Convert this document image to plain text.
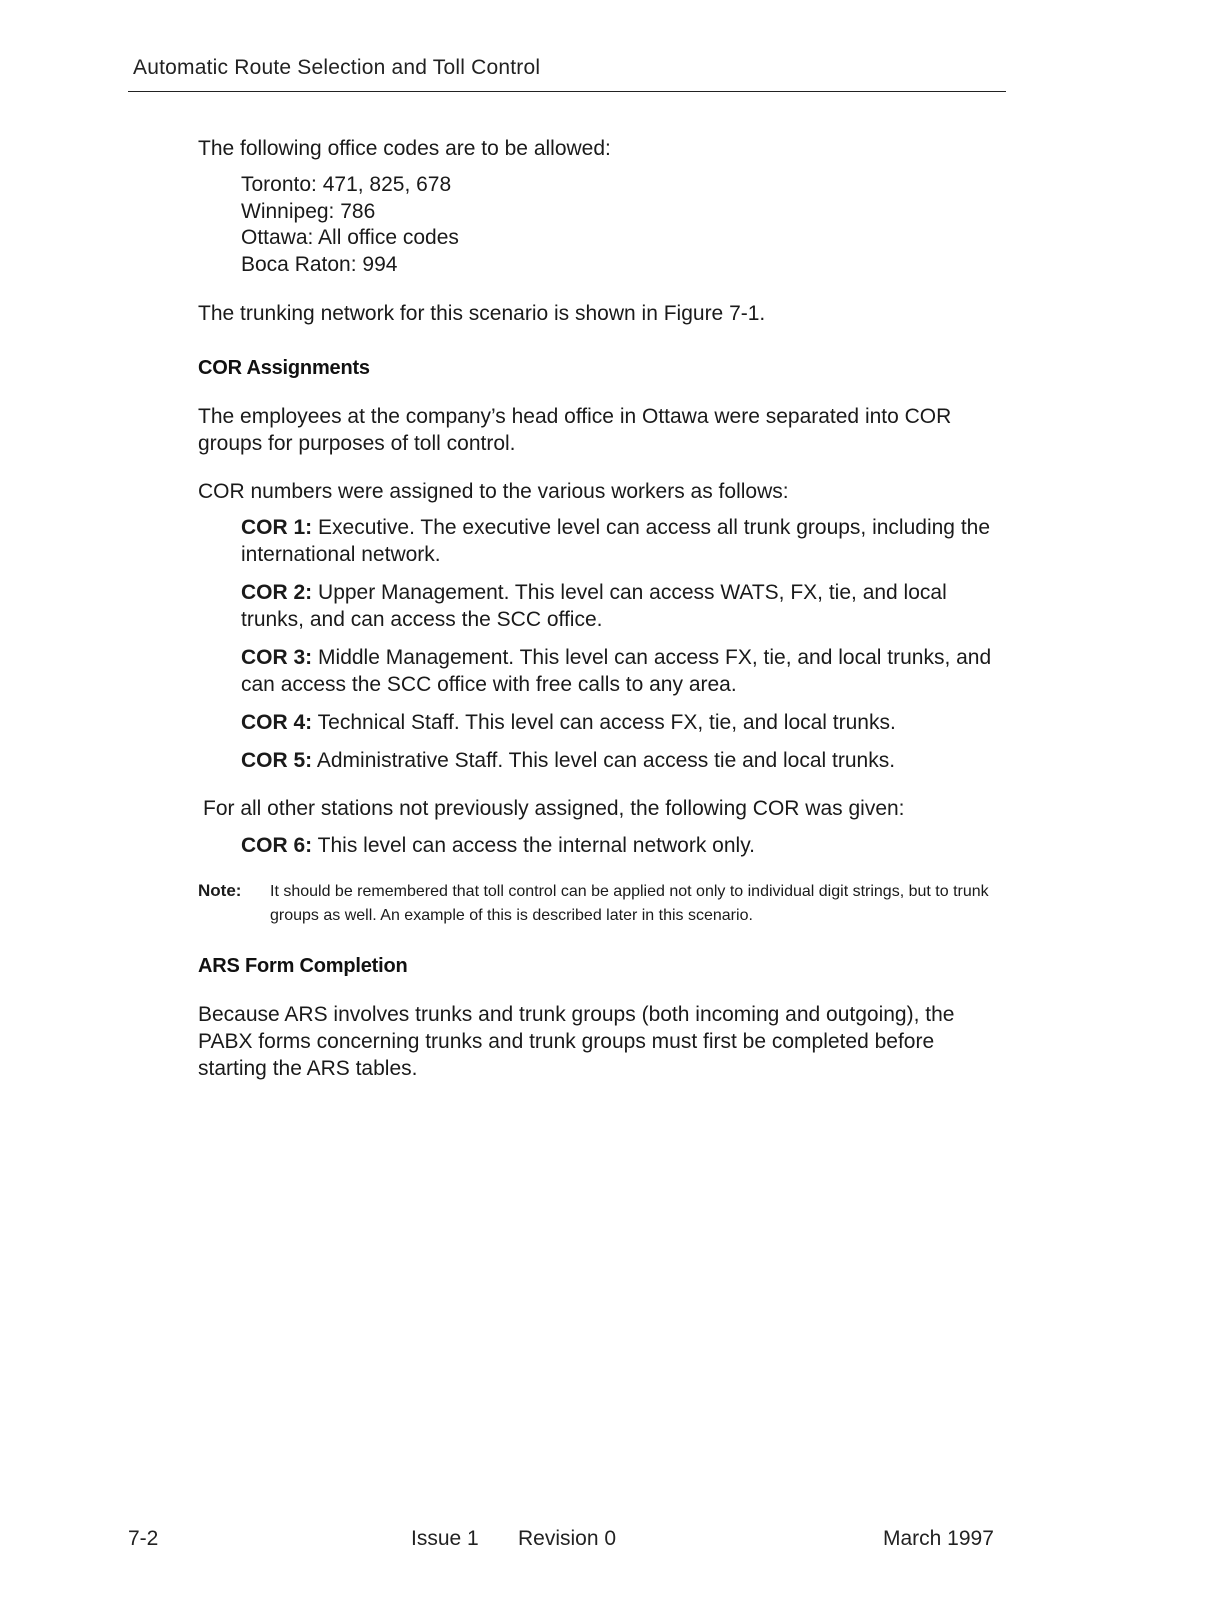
Automatic Route Selection and Toll Control
The following office codes are to be allowed:
Toronto: 471, 825, 678
Winnipeg: 786
Ottawa: All office codes
Boca Raton: 994
The trunking network for this scenario is shown in Figure 7-1.
COR Assignments
The employees at the company’s head office in Ottawa were separated into COR groups for purposes of toll control.
COR numbers were assigned to the various workers as follows:
COR 1: Executive. The executive level can access all trunk groups, including the international network.
COR 2: Upper Management. This level can access WATS, FX, tie, and local trunks, and can access the SCC office.
COR 3: Middle Management. This level can access FX, tie, and local trunks, and can access the SCC office with free calls to any area.
COR 4: Technical Staff. This level can access FX, tie, and local trunks.
COR 5: Administrative Staff. This level can access tie and local trunks.
For all other stations not previously assigned, the following COR was given:
COR 6: This level can access the internal network only.
Note: It should be remembered that toll control can be applied not only to individual digit strings, but to trunk groups as well. An example of this is described later in this scenario.
ARS Form Completion
Because ARS involves trunks and trunk groups (both incoming and outgoing), the PABX forms concerning trunks and trunk groups must first be completed before starting the ARS tables.
7-2	Issue 1 Revision 0	March 1997
